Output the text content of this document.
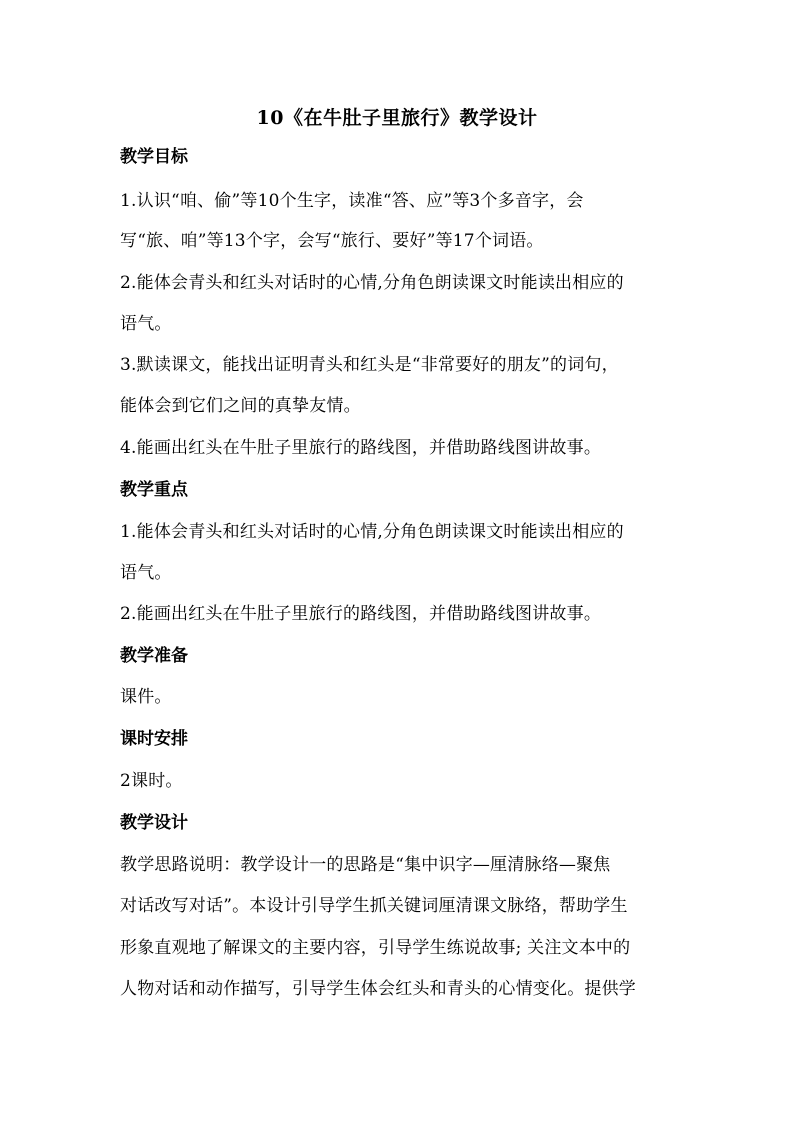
10《在牛肚子里旅行》教学设计
教学目标
1.认识“咱、偷”等10个生字，读准“答、应”等3个多音字，会
写“旅、咱”等13个字，会写“旅行、要好”等17个词语。
2.能体会青头和红头对话时的心情,分角色朗读课文时能读出相应的
语气。
3.默读课文，能找出证明青头和红头是“非常要好的朋友”的词句，
能体会到它们之间的真挚友情。
4.能画出红头在牛肚子里旅行的路线图，并借助路线图讲故事。
教学重点
1.能体会青头和红头对话时的心情,分角色朗读课文时能读出相应的
语气。
2.能画出红头在牛肚子里旅行的路线图，并借助路线图讲故事。
教学准备
课件。
课时安排
2课时。
教学设计
教学思路说明：教学设计一的思路是“集中识字—厘清脉络—聚焦
对话改写对话”。本设计引导学生抓关键词厘清课文脉络，帮助学生
形象直观地了解课文的主要内容，引导学生练说故事; 关注文本中的
人物对话和动作描写，引导学生体会红头和青头的心情变化。提供学
